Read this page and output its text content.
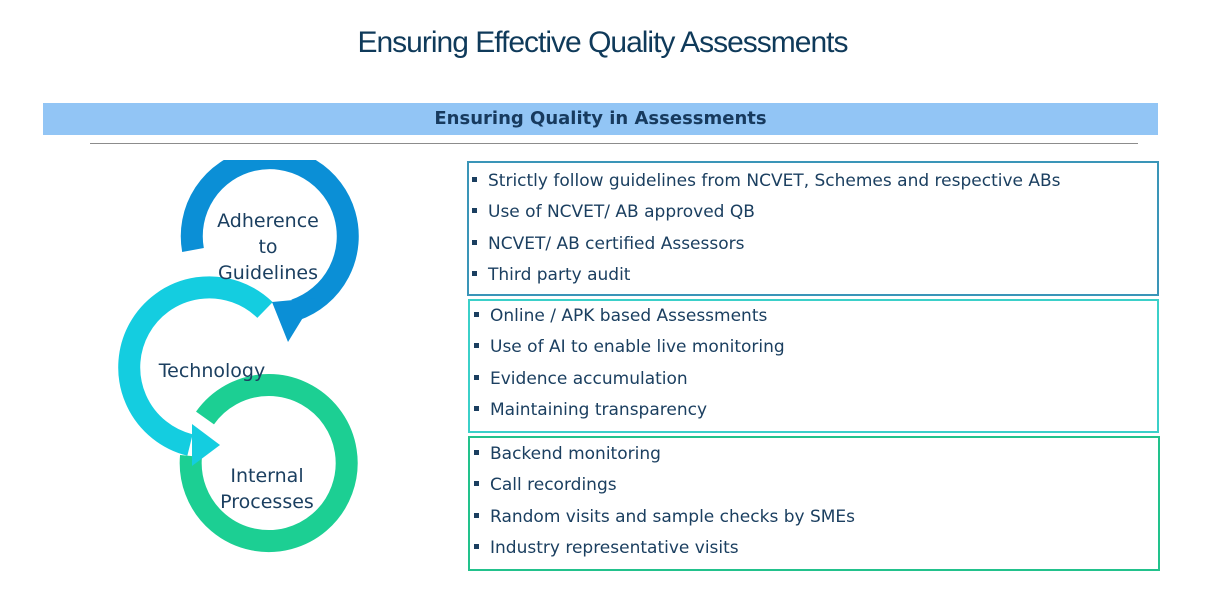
Ensuring Effective Quality Assessments
Ensuring Quality in Assessments
Adherence
to
Guidelines
Technology
Internal
Processes
Strictly follow guidelines from NCVET, Schemes and respective ABs
Use of NCVET/ AB approved QB
NCVET/ AB certified Assessors
Third party audit
Online / APK based Assessments
Use of AI to enable live monitoring
Evidence accumulation
Maintaining transparency
Backend monitoring
Call recordings
Random visits and sample checks by SMEs
Industry representative visits
